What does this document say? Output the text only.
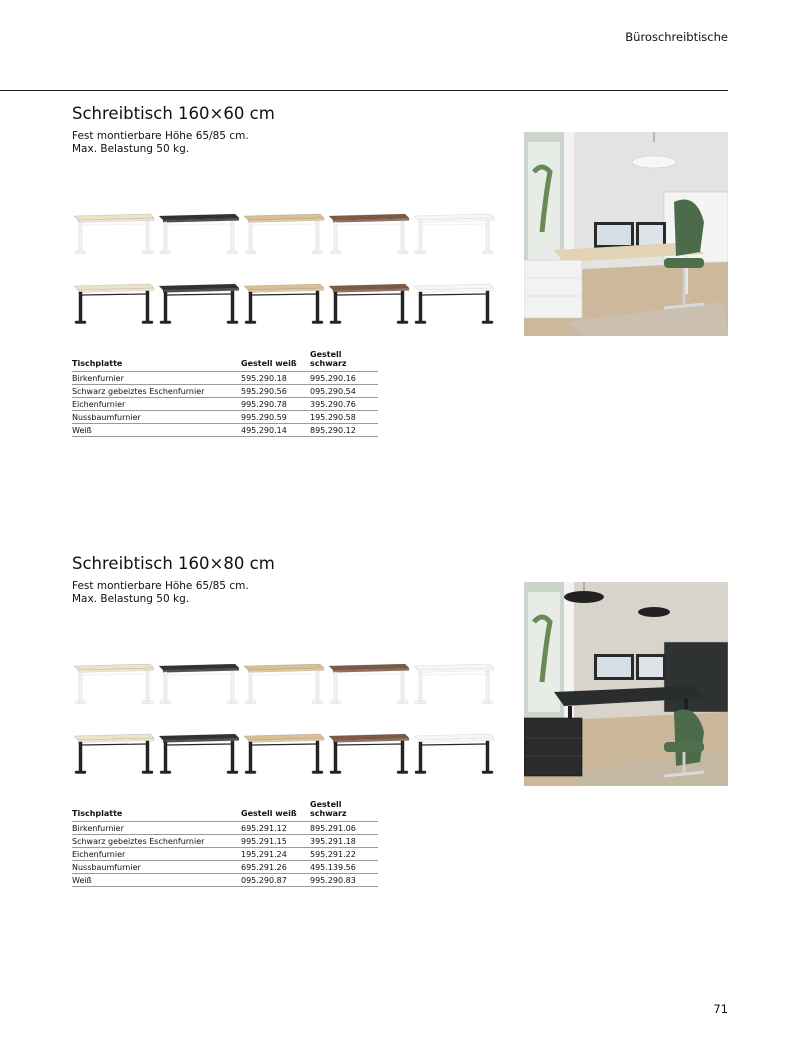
Büroschreibtische
Schreibtisch 160×60 cm
Fest montierbare Höhe 65/85 cm.
Max. Belastung 50 kg.
Tischplatte	Gestell weiß	Gestell schwarz
Birkenfurnier	595.290.18	995.290.16
Schwarz gebeiztes Eschenfurnier	595.290.56	095.290.54
Eichenfurnier	995.290.78	395.290.76
Nussbaumfurnier	995.290.59	195.290.58
Weiß	495.290.14	895.290.12
Schreibtisch 160×80 cm
Fest montierbare Höhe 65/85 cm.
Max. Belastung 50 kg.
Tischplatte	Gestell weiß	Gestell schwarz
Birkenfurnier	695.291.12	895.291.06
Schwarz gebeiztes Eschenfurnier	995.291.15	395.291.18
Eichenfurnier	195.291.24	595.291.22
Nussbaumfurnier	695.291.26	495.139.56
Weiß	095.290.87	995.290.83
71
